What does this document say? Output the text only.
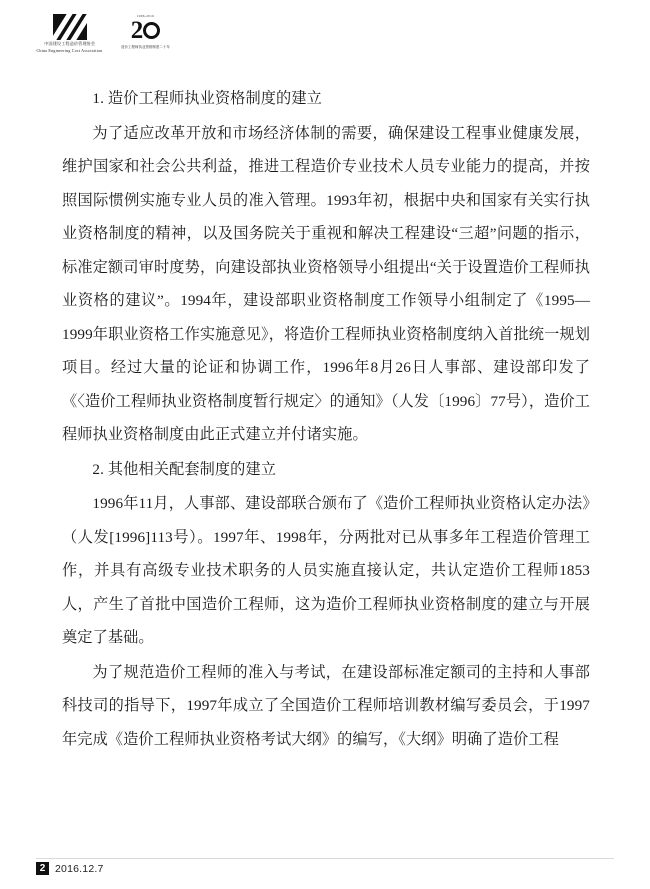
中国建设工程造价管理协会
China Engineering Cost Association
1996-2016
2
造价工程师执业资格制度二十年

1. 造价工程师执业资格制度的建立

为了适应改革开放和市场经济体制的需要，确保建设工程事业健康发展，维护国家和社会公共利益，推进工程造价专业技术人员专业能力的提高，并按照国际惯例实施专业人员的准入管理。1993年初，根据中央和国家有关实行执业资格制度的精神，以及国务院关于重视和解决工程建设“三超”问题的指示，标准定额司审时度势，向建设部执业资格领导小组提出“关于设置造价工程师执业资格的建议”。1994年，建设部职业资格制度工作领导小组制定了《1995—1999年职业资格工作实施意见》，将造价工程师执业资格制度纳入首批统一规划项目。经过大量的论证和协调工作，1996年8月26日人事部、建设部印发了《〈造价工程师执业资格制度暂行规定〉的通知》（人发〔1996〕77号），造价工程师执业资格制度由此正式建立并付诸实施。

2. 其他相关配套制度的建立

1996年11月，人事部、建设部联合颁布了《造价工程师执业资格认定办法》（人发[1996]113号）。1997年、1998年，分两批对已从事多年工程造价管理工作，并具有高级专业技术职务的人员实施直接认定，共认定造价工程师1853人，产生了首批中国造价工程师，这为造价工程师执业资格制度的建立与开展奠定了基础。

为了规范造价工程师的准入与考试，在建设部标准定额司的主持和人事部科技司的指导下，1997年成立了全国造价工程师培训教材编写委员会，于1997年完成《造价工程师执业资格考试大纲》的编写，《大纲》明确了造价工程

2 2016.12.7
